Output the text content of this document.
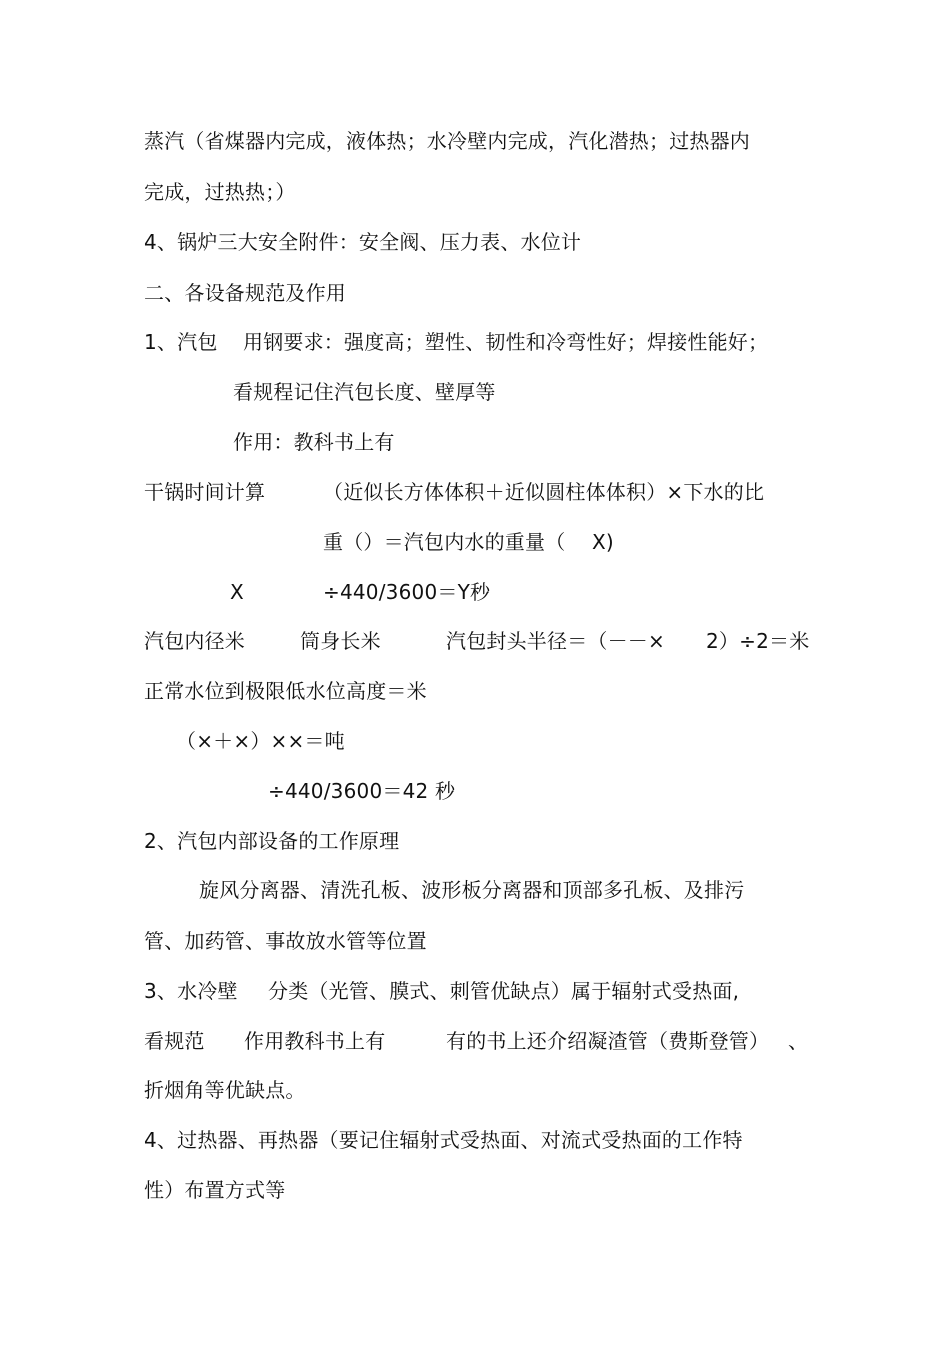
蒸汽（省煤器内完成，液体热；水冷壁内完成，汽化潜热；过热器内
完成，过热热；）
4、锅炉三大安全附件：安全阀、压力表、水位计
二、各设备规范及作用
1、汽包 用钢要求：强度高；塑性、韧性和冷弯性好；焊接性能好；
看规程记住汽包长度、壁厚等
作用：教科书上有
干锅时间计算	（近似长方体体积＋近似圆柱体体积）×下水的比
重（）＝汽包内水的重量（ X)
X	÷440/3600＝Y秒
汽包内径米	筒身长米	汽包封头半径＝（－－× 2）÷2＝米
正常水位到极限低水位高度＝米
（×＋×）××＝吨
÷440/3600＝42 秒
2、汽包内部设备的工作原理
旋风分离器、清洗孔板、波形板分离器和顶部多孔板、及排污
管、加药管、事故放水管等位置
3、水冷壁 分类（光管、膜式、刺管优缺点）属于辐射式受热面,
看规范 作用教科书上有	有的书上还介绍凝渣管（费斯登管） 、
折烟角等优缺点。
4、过热器、再热器（要记住辐射式受热面、对流式受热面的工作特
性）布置方式等
